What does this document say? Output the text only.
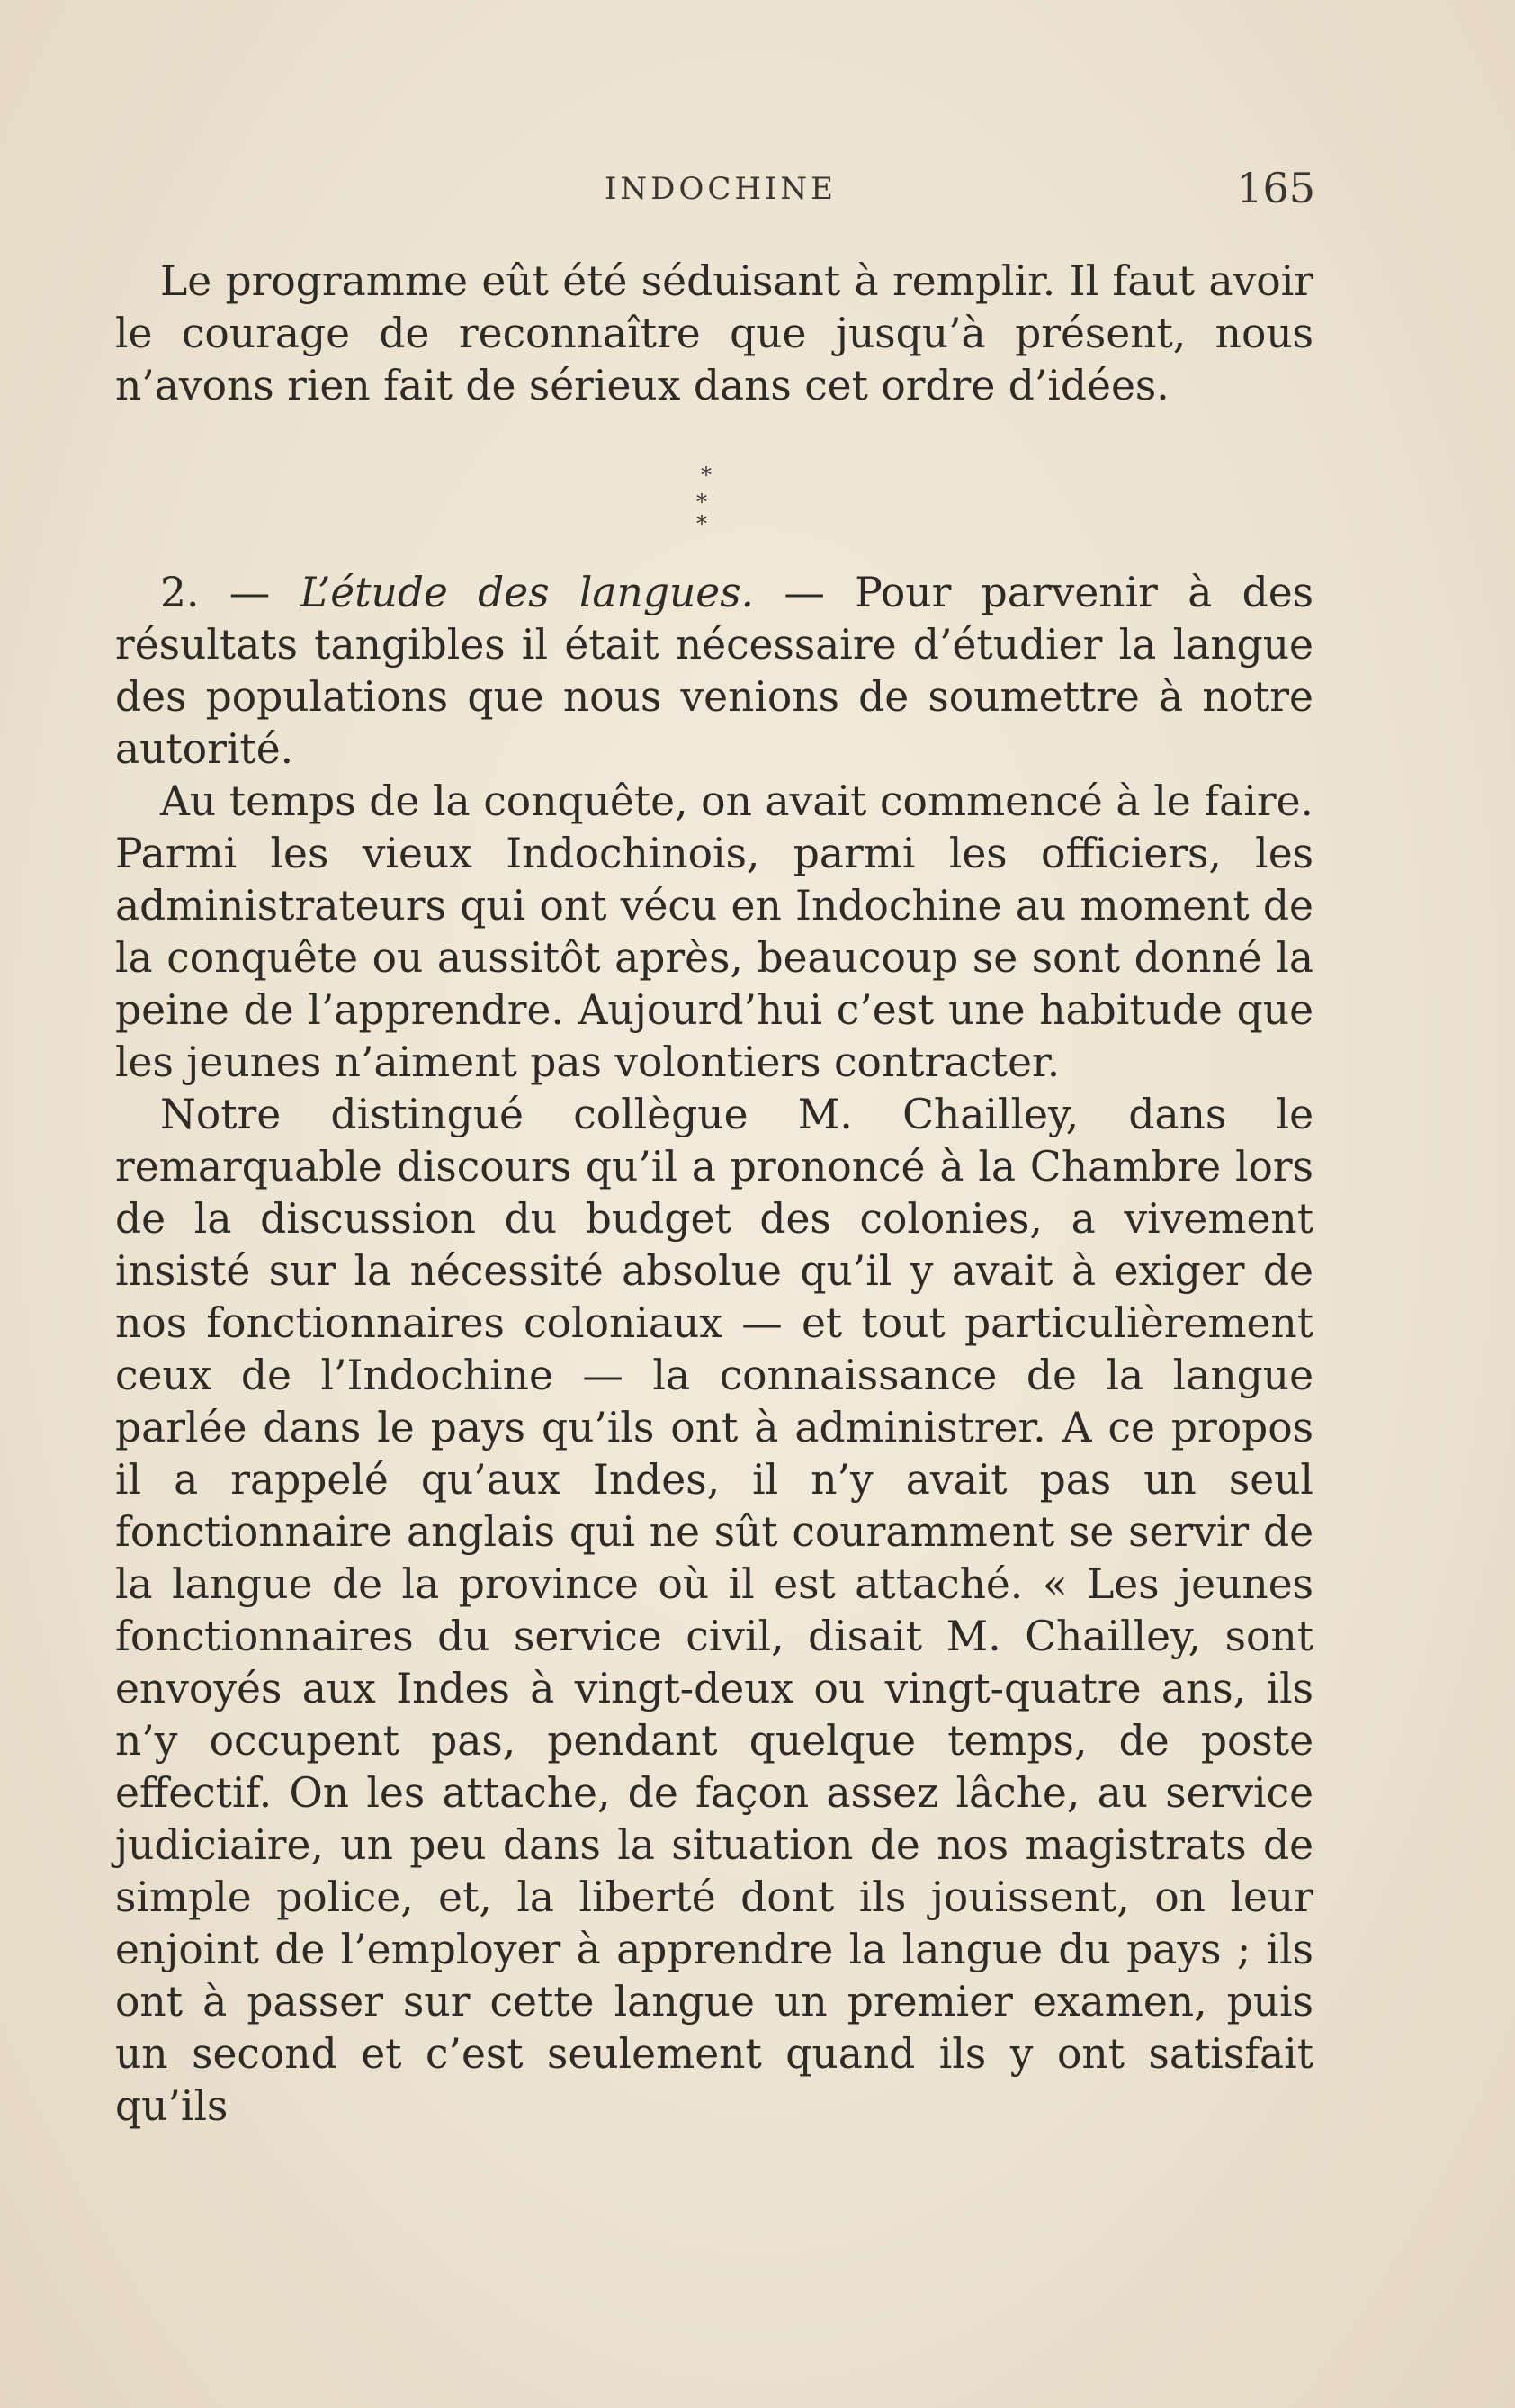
INDOCHINE	165

Le programme eût été séduisant à remplir. Il faut avoir le courage de reconnaître que jusqu’à présent, nous n’avons rien fait de sérieux dans cet ordre d’idées.

*
* *

2. — L’étude des langues. — Pour parvenir à des résultats tangibles il était nécessaire d’étudier la langue des populations que nous venions de soumettre à notre autorité.

Au temps de la conquête, on avait commencé à le faire. Parmi les vieux Indochinois, parmi les officiers, les administrateurs qui ont vécu en Indochine au moment de la conquête ou aussitôt après, beaucoup se sont donné la peine de l’apprendre. Aujourd’hui c’est une habitude que les jeunes n’aiment pas volontiers contracter.

Notre distingué collègue M. Chailley, dans le remarquable discours qu’il a prononcé à la Chambre lors de la discussion du budget des colonies, a vivement insisté sur la nécessité absolue qu’il y avait à exiger de nos fonctionnaires coloniaux — et tout particulièrement ceux de l’Indochine — la connaissance de la langue parlée dans le pays qu’ils ont à administrer. A ce propos il a rappelé qu’aux Indes, il n’y avait pas un seul fonctionnaire anglais qui ne sût couramment se servir de la langue de la province où il est attaché. « Les jeunes fonctionnaires du service civil, disait M. Chailley, sont envoyés aux Indes à vingt-deux ou vingt-quatre ans, ils n’y occupent pas, pendant quelque temps, de poste effectif. On les attache, de façon assez lâche, au service judiciaire, un peu dans la situation de nos magistrats de simple police, et, la liberté dont ils jouissent, on leur enjoint de l’employer à apprendre la langue du pays ; ils ont à passer sur cette langue un premier examen, puis un second et c’est seulement quand ils y ont satisfait qu’ils
